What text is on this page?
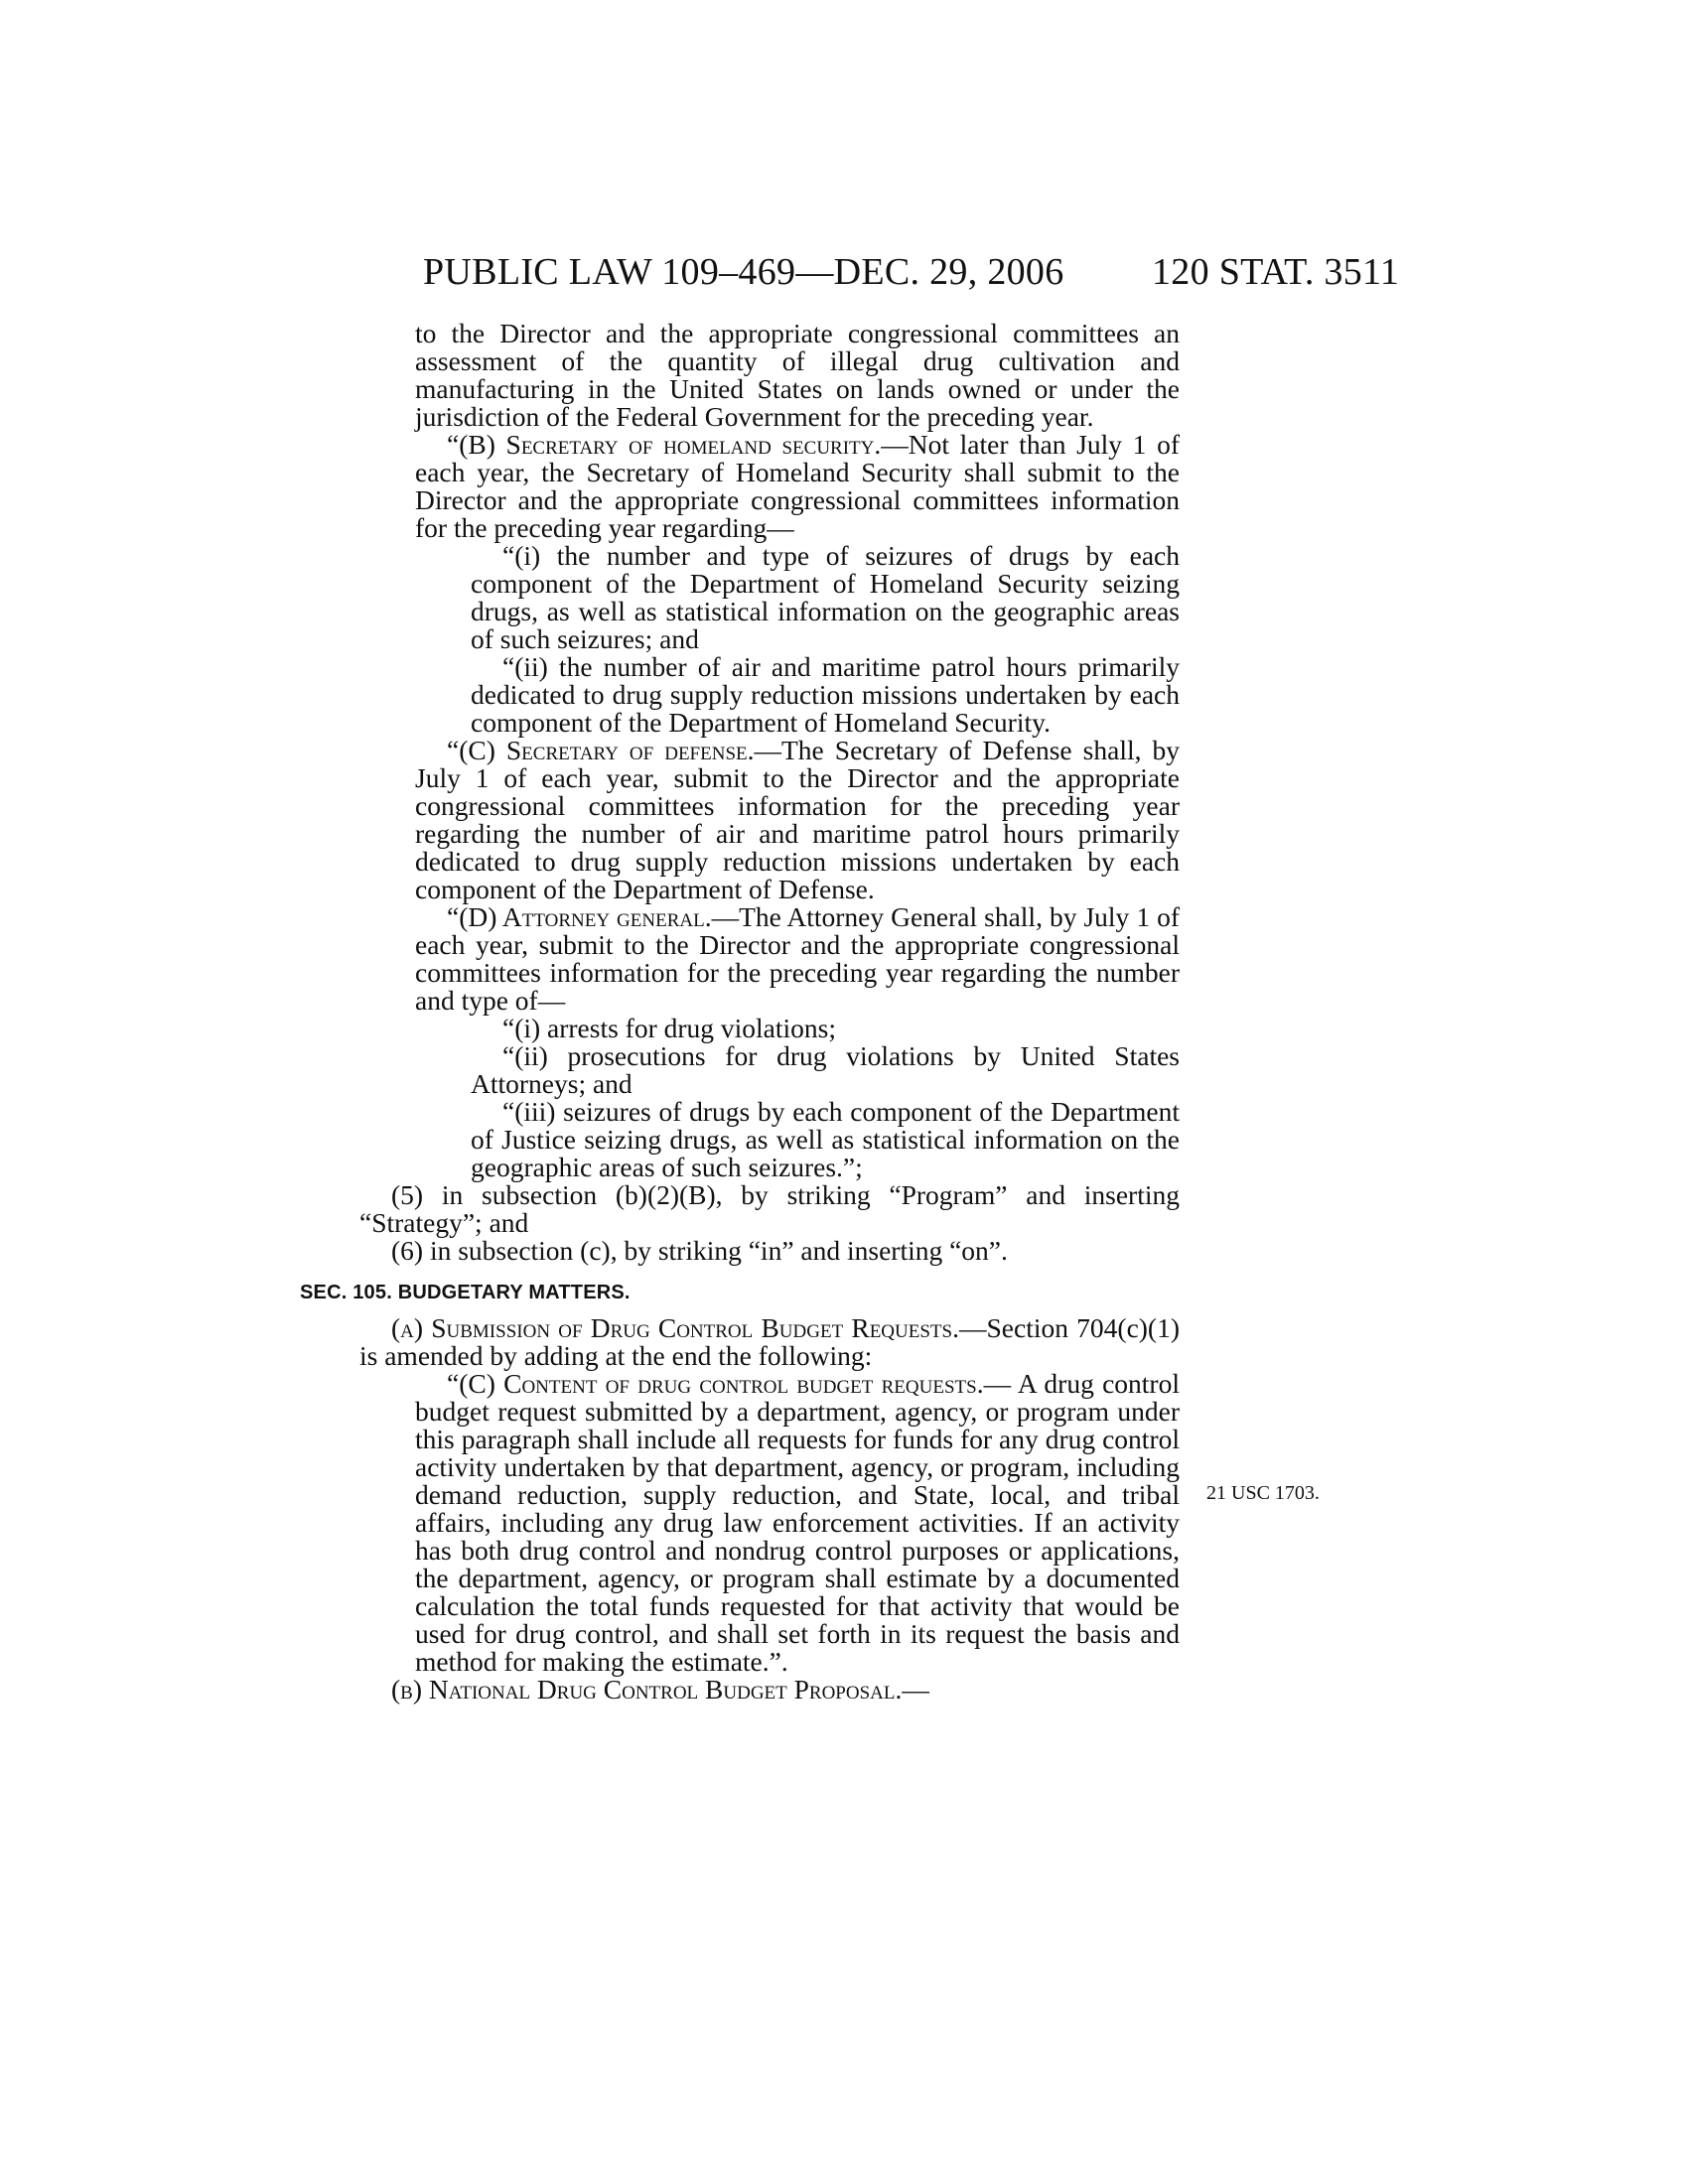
PUBLIC LAW 109–469—DEC. 29, 2006 120 STAT. 3511

to the Director and the appropriate congressional committees an assessment of the quantity of illegal drug cultivation and manufacturing in the United States on lands owned or under the jurisdiction of the Federal Government for the preceding year.

“(B) Secretary of homeland security.—Not later than July 1 of each year, the Secretary of Homeland Security shall submit to the Director and the appropriate congressional committees information for the preceding year regarding—

“(i) the number and type of seizures of drugs by each component of the Department of Homeland Security seizing drugs, as well as statistical information on the geographic areas of such seizures; and

“(ii) the number of air and maritime patrol hours primarily dedicated to drug supply reduction missions undertaken by each component of the Department of Homeland Security.

“(C) Secretary of defense.—The Secretary of Defense shall, by July 1 of each year, submit to the Director and the appropriate congressional committees information for the preceding year regarding the number of air and maritime patrol hours primarily dedicated to drug supply reduction missions undertaken by each component of the Department of Defense.

“(D) Attorney general.—The Attorney General shall, by July 1 of each year, submit to the Director and the appropriate congressional committees information for the preceding year regarding the number and type of—

“(i) arrests for drug violations;

“(ii) prosecutions for drug violations by United States Attorneys; and

“(iii) seizures of drugs by each component of the Department of Justice seizing drugs, as well as statistical information on the geographic areas of such seizures.”;

(5) in subsection (b)(2)(B), by striking “Program” and inserting “Strategy”; and

(6) in subsection (c), by striking “in” and inserting “on”.

SEC. 105. BUDGETARY MATTERS.

(a) Submission of Drug Control Budget Requests.—Section 704(c)(1) is amended by adding at the end the following:

“(C) Content of drug control budget requests.— A drug control budget request submitted by a department, agency, or program under this paragraph shall include all requests for funds for any drug control activity undertaken by that department, agency, or program, including demand reduction, supply reduction, and State, local, and tribal affairs, including any drug law enforcement activities. If an activity has both drug control and nondrug control purposes or applications, the department, agency, or program shall estimate by a documented calculation the total funds requested for that activity that would be used for drug control, and shall set forth in its request the basis and method for making the estimate.”.

(b) National Drug Control Budget Proposal.—

21 USC 1703.
